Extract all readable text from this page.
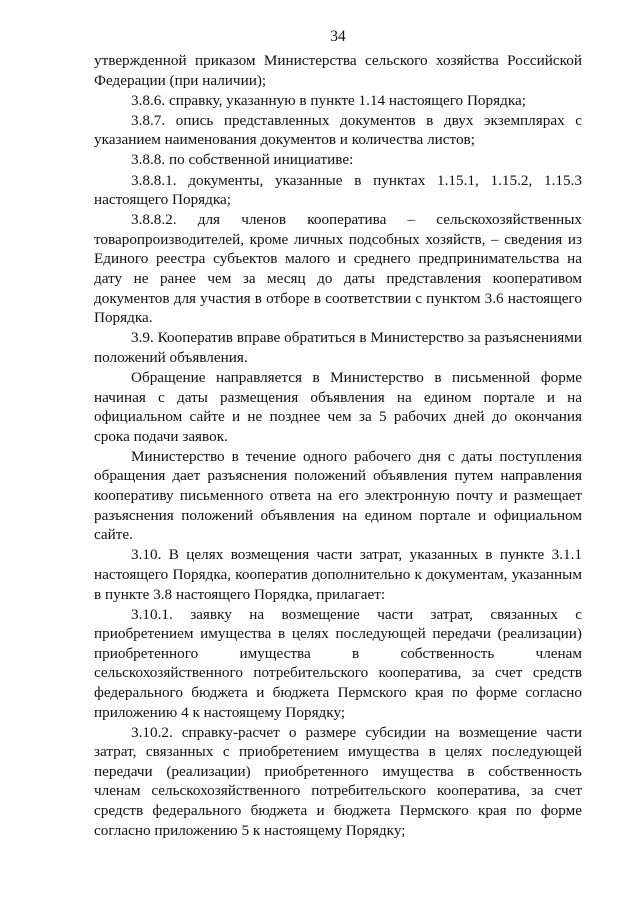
34

утвержденной приказом Министерства сельского хозяйства Российской Федерации (при наличии);

3.8.6. справку, указанную в пункте 1.14 настоящего Порядка;

3.8.7. опись представленных документов в двух экземплярах с указанием наименования документов и количества листов;

3.8.8. по собственной инициативе:

3.8.8.1. документы, указанные в пунктах 1.15.1, 1.15.2, 1.15.3 настоящего Порядка;

3.8.8.2. для членов кооператива – сельскохозяйственных товаропроизводителей, кроме личных подсобных хозяйств, – сведения из Единого реестра субъектов малого и среднего предпринимательства на дату не ранее чем за месяц до даты представления кооперативом документов для участия в отборе в соответствии с пунктом 3.6 настоящего Порядка.

3.9. Кооператив вправе обратиться в Министерство за разъяснениями положений объявления.

Обращение направляется в Министерство в письменной форме начиная с даты размещения объявления на едином портале и на официальном сайте и не позднее чем за 5 рабочих дней до окончания срока подачи заявок.

Министерство в течение одного рабочего дня с даты поступления обращения дает разъяснения положений объявления путем направления кооперативу письменного ответа на его электронную почту и размещает разъяснения положений объявления на едином портале и официальном сайте.

3.10. В целях возмещения части затрат, указанных в пункте 3.1.1 настоящего Порядка, кооператив дополнительно к документам, указанным в пункте 3.8 настоящего Порядка, прилагает:

3.10.1. заявку на возмещение части затрат, связанных с приобретением имущества в целях последующей передачи (реализации) приобретенного имущества в собственность членам сельскохозяйственного потребительского кооператива, за счет средств федерального бюджета и бюджета Пермского края по форме согласно приложению 4 к настоящему Порядку;

3.10.2. справку-расчет о размере субсидии на возмещение части затрат, связанных с приобретением имущества в целях последующей передачи (реализации) приобретенного имущества в собственность членам сельскохозяйственного потребительского кооператива, за счет средств федерального бюджета и бюджета Пермского края по форме согласно приложению 5 к настоящему Порядку;
